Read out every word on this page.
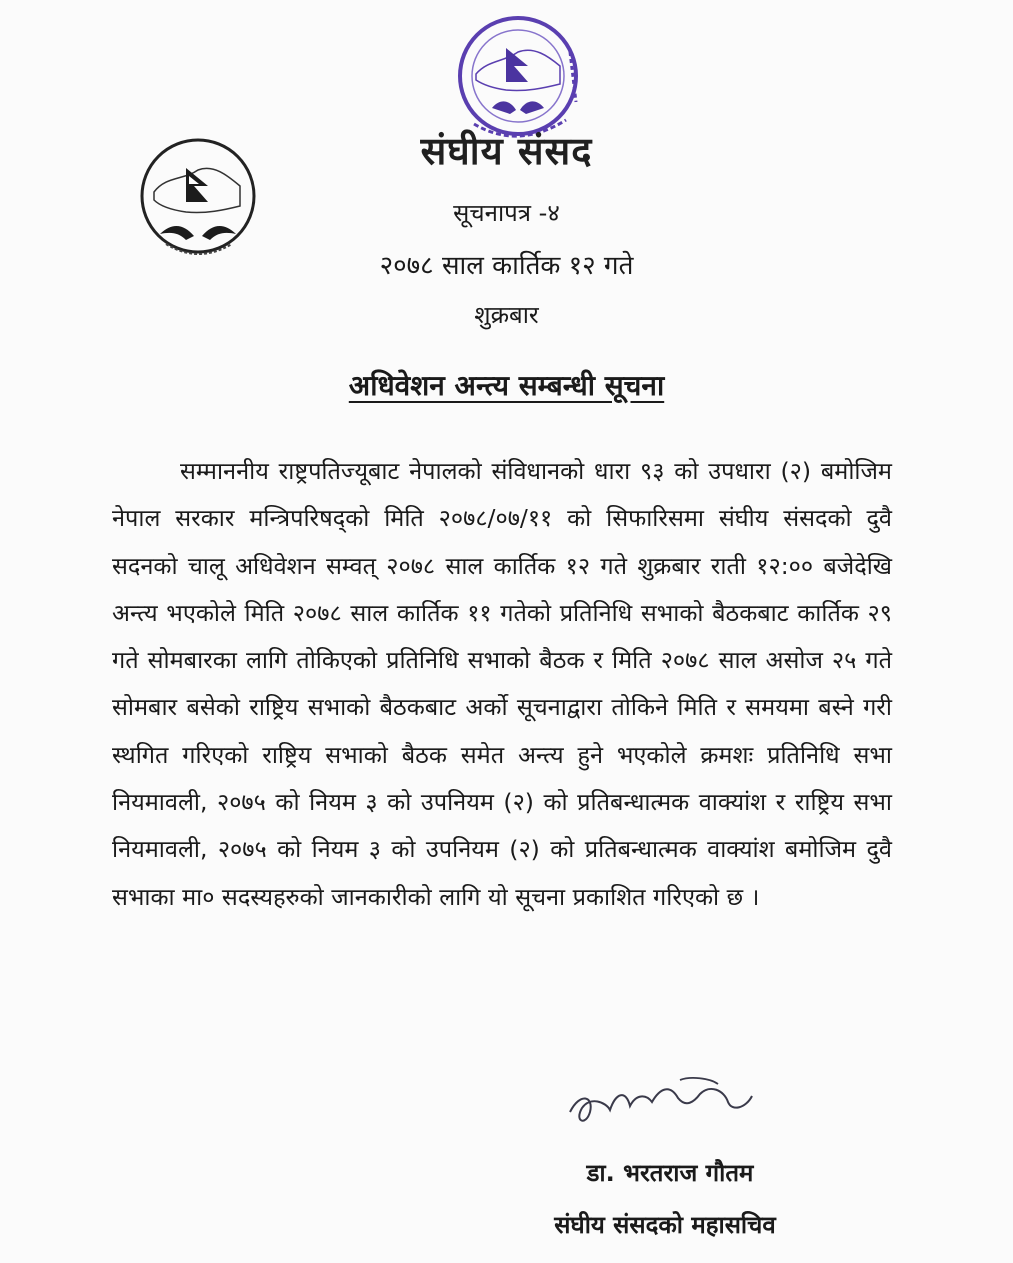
संघीय संसद
सूचनापत्र -४
२०७८ साल कार्तिक १२ गते
शुक्रबार
अधिवेशन अन्त्य सम्बन्धी सूचना
सम्माननीय राष्ट्रपतिज्यूबाट नेपालको संविधानको धारा ९३ को उपधारा (२) बमोजिम नेपाल सरकार मन्त्रिपरिषद्को मिति २०७८/०७/११ को सिफारिसमा संघीय संसदको दुवै सदनको चालू अधिवेशन सम्वत् २०७८ साल कार्तिक १२ गते शुक्रबार राती १२:०० बजेदेखि अन्त्य भएकोले मिति २०७८ साल कार्तिक ११ गतेको प्रतिनिधि सभाको बैठकबाट कार्तिक २९ गते सोमबारका लागि तोकिएको प्रतिनिधि सभाको बैठक र मिति २०७८ साल असोज २५ गते सोमबार बसेको राष्ट्रिय सभाको बैठकबाट अर्को सूचनाद्वारा तोकिने मिति र समयमा बस्ने गरी स्थगित गरिएको राष्ट्रिय सभाको बैठक समेत अन्त्य हुने भएकोले क्रमशः प्रतिनिधि सभा नियमावली, २०७५ को नियम ३ को उपनियम (२) को प्रतिबन्धात्मक वाक्यांश र राष्ट्रिय सभा नियमावली, २०७५ को नियम ३ को उपनियम (२) को प्रतिबन्धात्मक वाक्यांश बमोजिम दुवै सभाका मा० सदस्यहरुको जानकारीको लागि यो सूचना प्रकाशित गरिएको छ ।
डा. भरतराज गौतम
संघीय संसदको महासचिव
